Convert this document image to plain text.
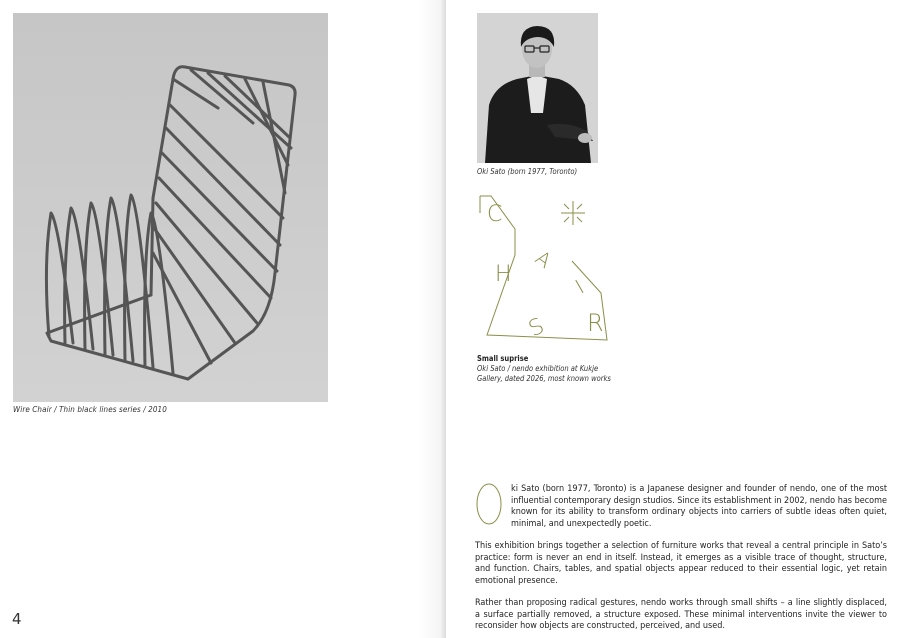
Wire Chair / Thin black lines series / 2010
4
Oki Sato (born 1977, Toronto)
C
H
A
I
S R
Small suprise
Oki Sato / nendo exhibition at Kukje
Gallery, dated 2026, most known works

ki Sato (born 1977, Toronto) is a Japanese designer and founder of nendo, one of the most influential contemporary design studios. Since its establishment in 2002, nendo has become known for its ability to transform ordinary objects into carriers of subtle ideas often quiet, minimal, and unexpectedly poetic.

This exhibition brings together a selection of furniture works that reveal a central principle in Sato’s practice: form is never an end in itself. Instead, it emerges as a visible trace of thought, structure, and function. Chairs, tables, and spatial objects appear reduced to their essential logic, yet retain emotional presence.

Rather than proposing radical gestures, nendo works through small shifts – a line slightly displaced, a surface partially removed, a structure exposed. These minimal interventions invite the viewer to reconsider how objects are constructed, perceived, and used.
